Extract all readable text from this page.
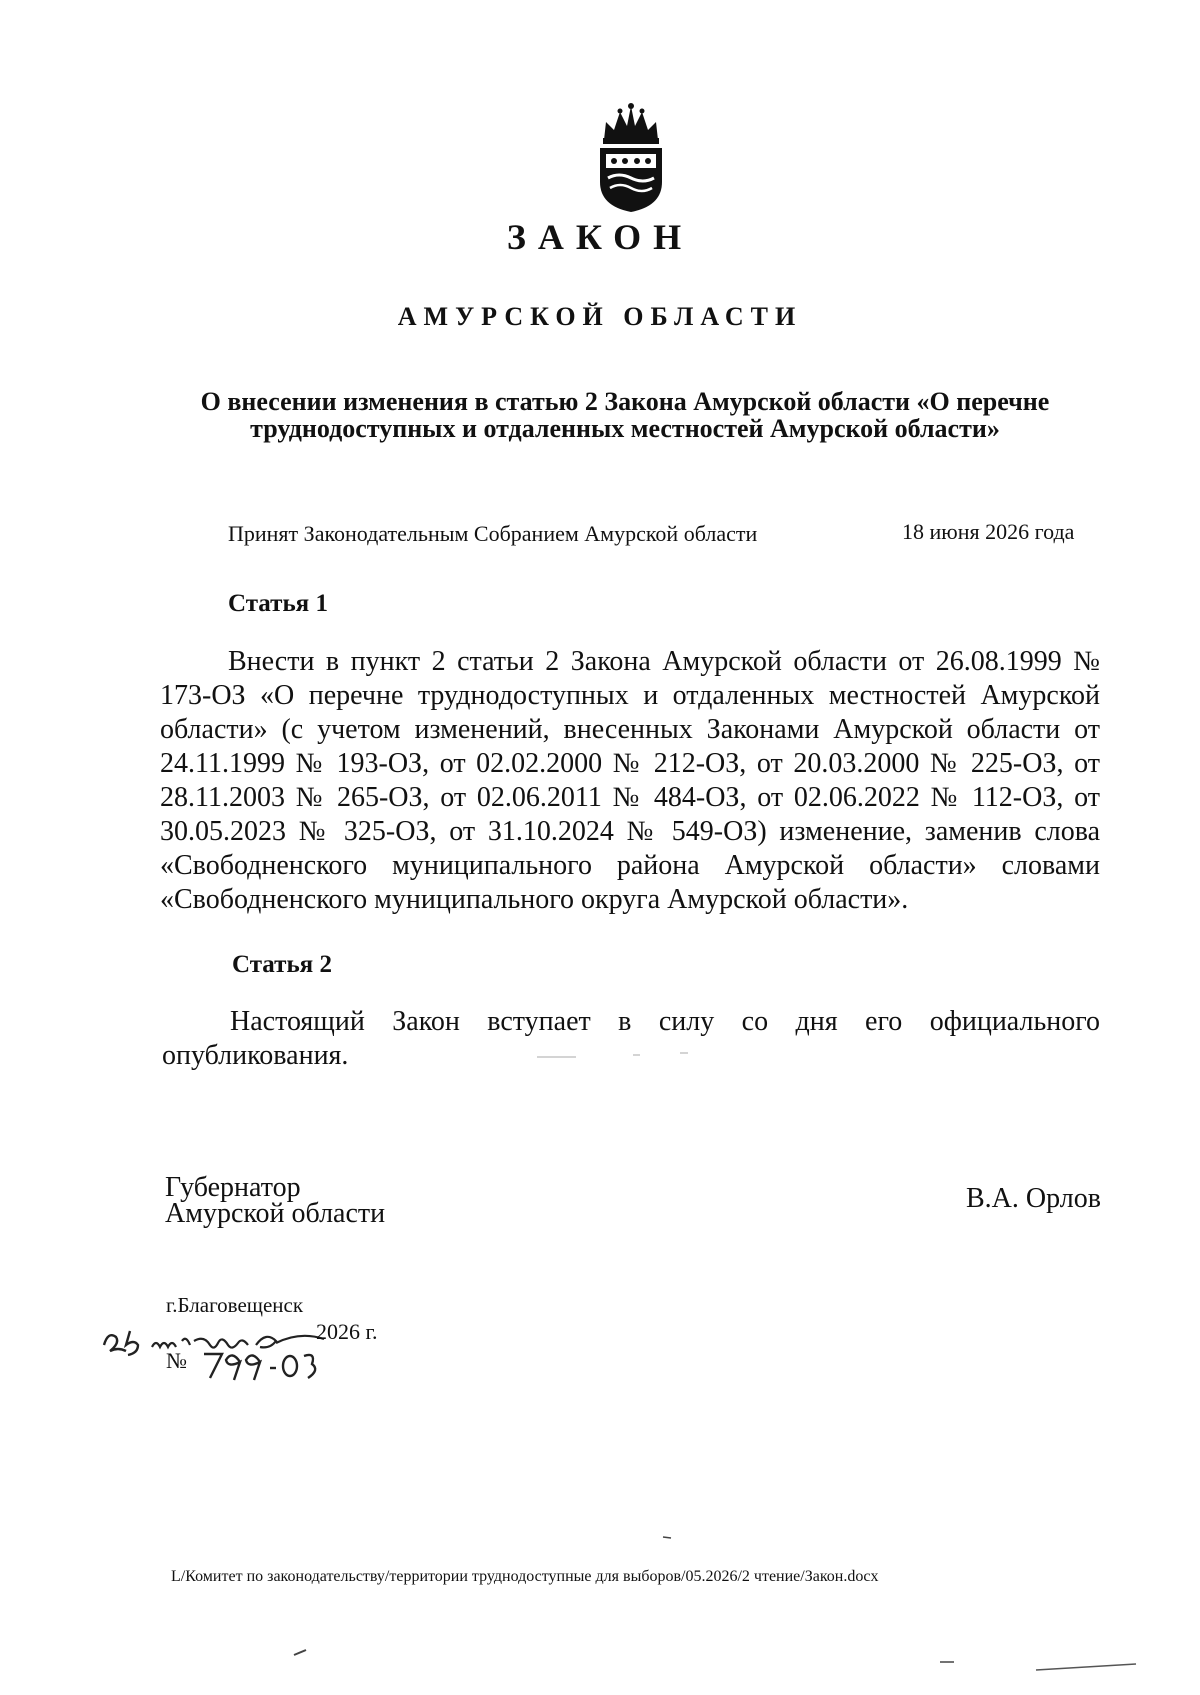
ЗАКОН
АМУРСКОЙ ОБЛАСТИ
О внесении изменения в статью 2 Закона Амурской области «О перечне труднодоступных и отдаленных местностей Амурской области»
Принят Законодательным Собранием Амурской области	18 июня 2026 года
Статья 1
Внести в пункт 2 статьи 2 Закона Амурской области от 26.08.1999 № 173-ОЗ «О перечне труднодоступных и отдаленных местностей Амурской области» (с учетом изменений, внесенных Законами Амурской области от 24.11.1999 № 193-ОЗ, от 02.02.2000 № 212-ОЗ, от 20.03.2000 № 225-ОЗ, от 28.11.2003 № 265-ОЗ, от 02.06.2011 № 484-ОЗ, от 02.06.2022 № 112-ОЗ, от 30.05.2023 № 325-ОЗ, от 31.10.2024 № 549-ОЗ) изменение, заменив слова «Свободненского муниципального района Амурской области» словами «Свободненского муниципального округа Амурской области».
Статья 2
Настоящий Закон вступает в силу со дня его официального опубликования.
Губернатор
Амурской области	В.А. Орлов
г.Благовещенск
2026 г.
№
L/Комитет по законодательству/территории труднодоступные для выборов/05.2026/2 чтение/Закон.docx
